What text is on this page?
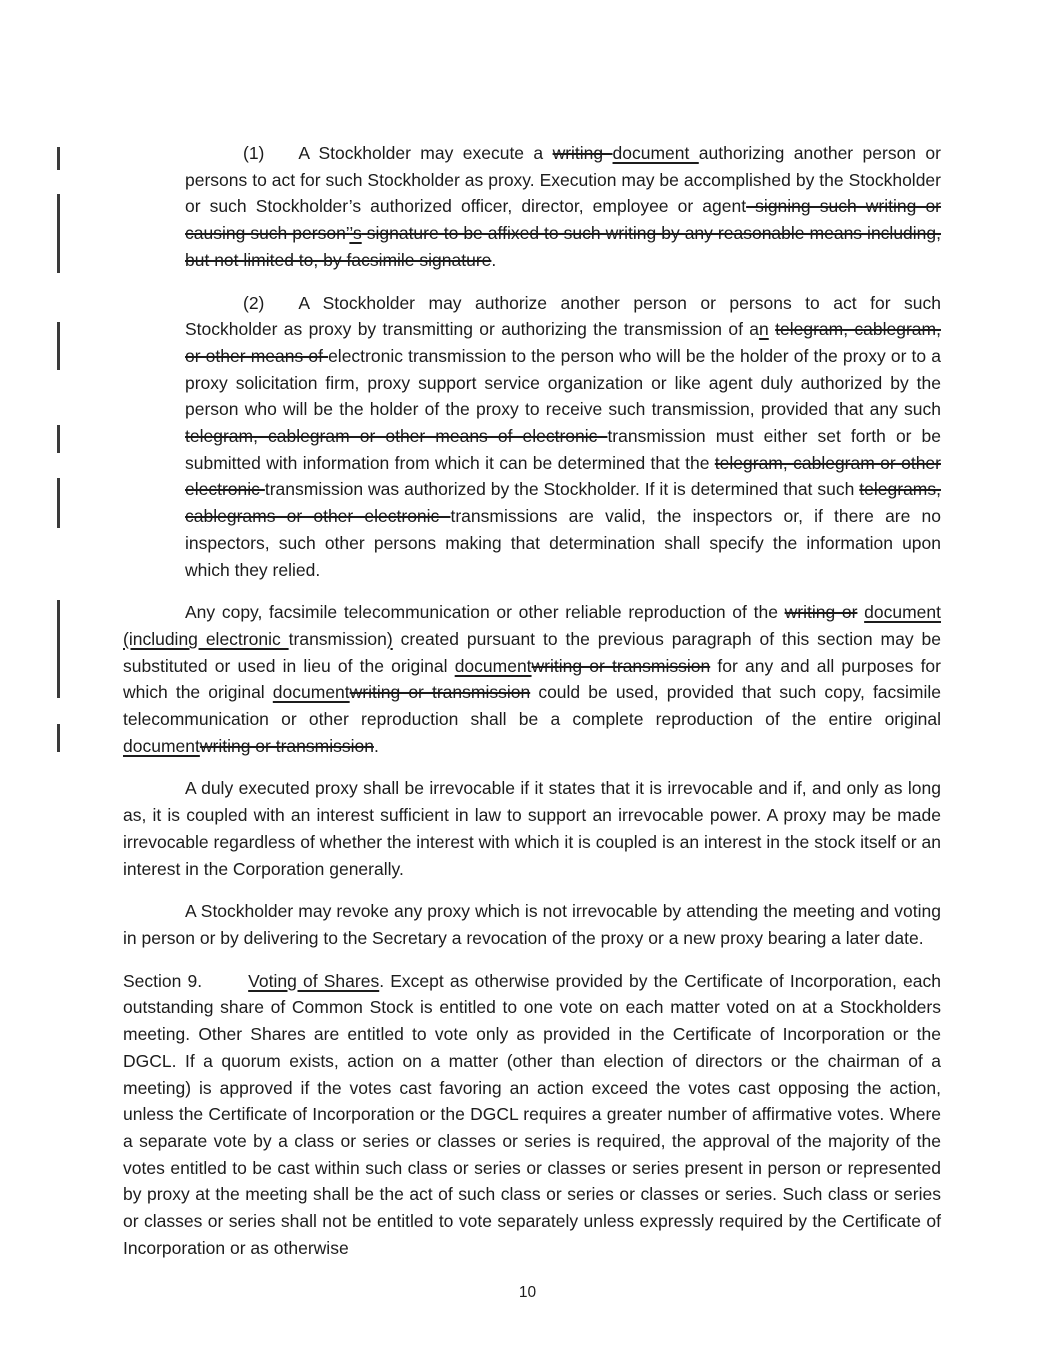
(1) A Stockholder may execute a writing document authorizing another person or persons to act for such Stockholder as proxy. Execution may be accomplished by the Stockholder or such Stockholder’s authorized officer, director, employee or agent signing such writing or causing such person’’s signature to be affixed to such writing by any reasonable means including, but not limited to, by facsimile signature.

(2) A Stockholder may authorize another person or persons to act for such Stockholder as proxy by transmitting or authorizing the transmission of an telegram, cablegram, or other means of electronic transmission to the person who will be the holder of the proxy or to a proxy solicitation firm, proxy support service organization or like agent duly authorized by the person who will be the holder of the proxy to receive such transmission, provided that any such telegram, cablegram or other means of electronic transmission must either set forth or be submitted with information from which it can be determined that the telegram, cablegram or other electronic transmission was authorized by the Stockholder. If it is determined that such telegrams, cablegrams or other electronic transmissions are valid, the inspectors or, if there are no inspectors, such other persons making that determination shall specify the information upon which they relied.

Any copy, facsimile telecommunication or other reliable reproduction of the writing or document (including electronic transmission) created pursuant to the previous paragraph of this section may be substituted or used in lieu of the original documentwriting or transmission for any and all purposes for which the original documentwriting or transmission could be used, provided that such copy, facsimile telecommunication or other reproduction shall be a complete reproduction of the entire original documentwriting or transmission.

A duly executed proxy shall be irrevocable if it states that it is irrevocable and if, and only as long as, it is coupled with an interest sufficient in law to support an irrevocable power. A proxy may be made irrevocable regardless of whether the interest with which it is coupled is an interest in the stock itself or an interest in the Corporation generally.

A Stockholder may revoke any proxy which is not irrevocable by attending the meeting and voting in person or by delivering to the Secretary a revocation of the proxy or a new proxy bearing a later date.

Section 9.	Voting of Shares. Except as otherwise provided by the Certificate of Incorporation, each outstanding share of Common Stock is entitled to one vote on each matter voted on at a Stockholders meeting. Other Shares are entitled to vote only as provided in the Certificate of Incorporation or the DGCL. If a quorum exists, action on a matter (other than election of directors or the chairman of a meeting) is approved if the votes cast favoring an action exceed the votes cast opposing the action, unless the Certificate of Incorporation or the DGCL requires a greater number of affirmative votes. Where a separate vote by a class or series or classes or series is required, the approval of the majority of the votes entitled to be cast within such class or series or classes or series present in person or represented by proxy at the meeting shall be the act of such class or series or classes or series. Such class or series or classes or series shall not be entitled to vote separately unless expressly required by the Certificate of Incorporation or as otherwise

10
